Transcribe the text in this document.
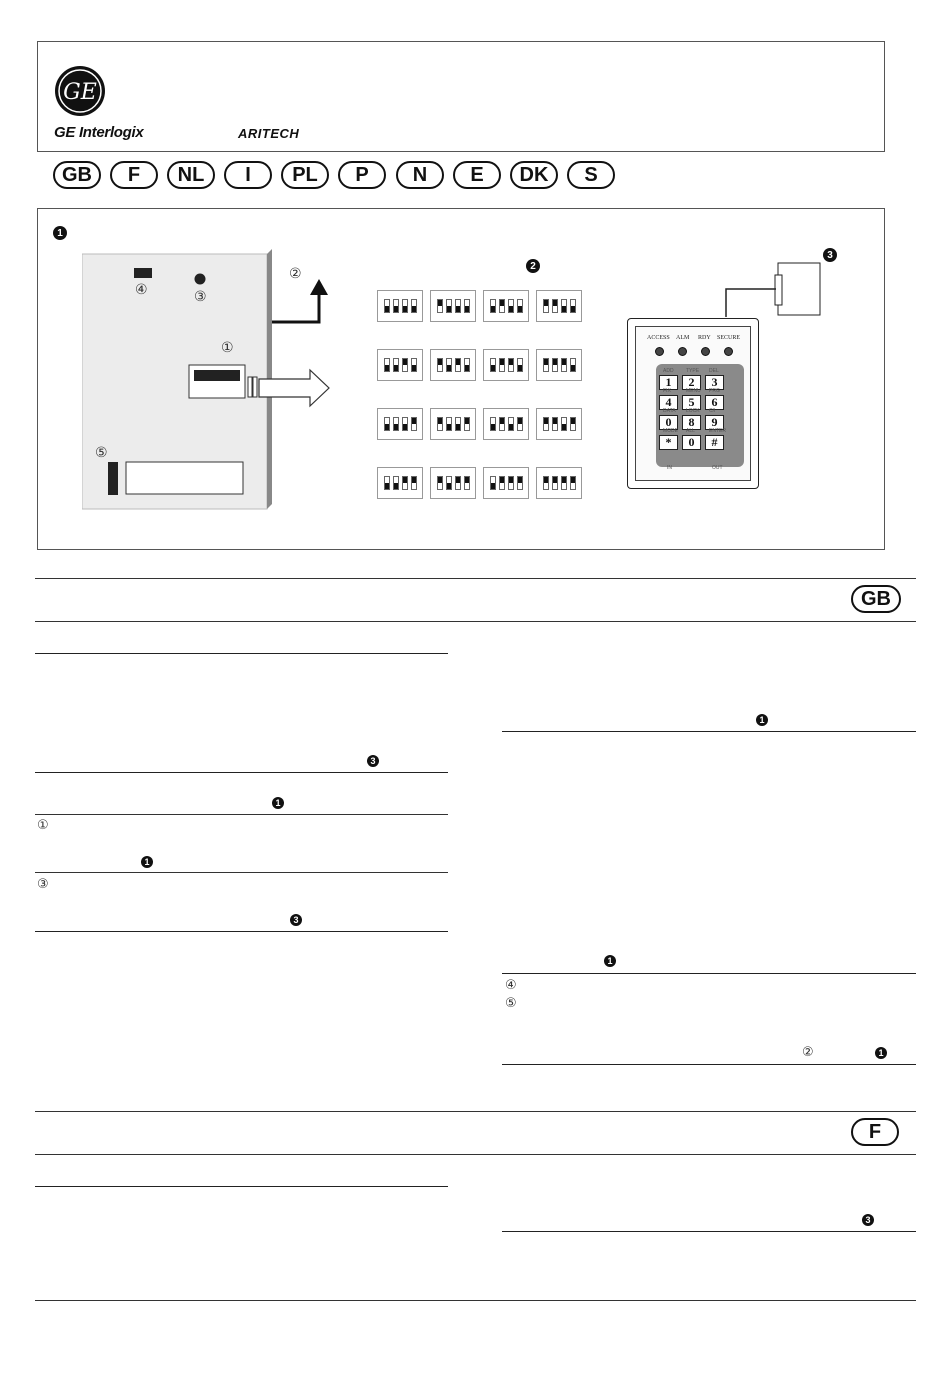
GE
GE Interlogix	ARITECH
GB	F	NL	I	PL	P	N	E	DK	S
1
④	③
②
①
⑤
2
3
ACCESS ALM RDY SECURE
ADD
1
TYPE
2
DEL
3
FIX
4
MENU
5
PRG
6
DATA
0
LOCK
8
C/I
9
MODE
*
ALL
0
ENTER
#
IN	OUT
GB
3
1
①
1
③
3
1
1
④
⑤
②	1
F
3
